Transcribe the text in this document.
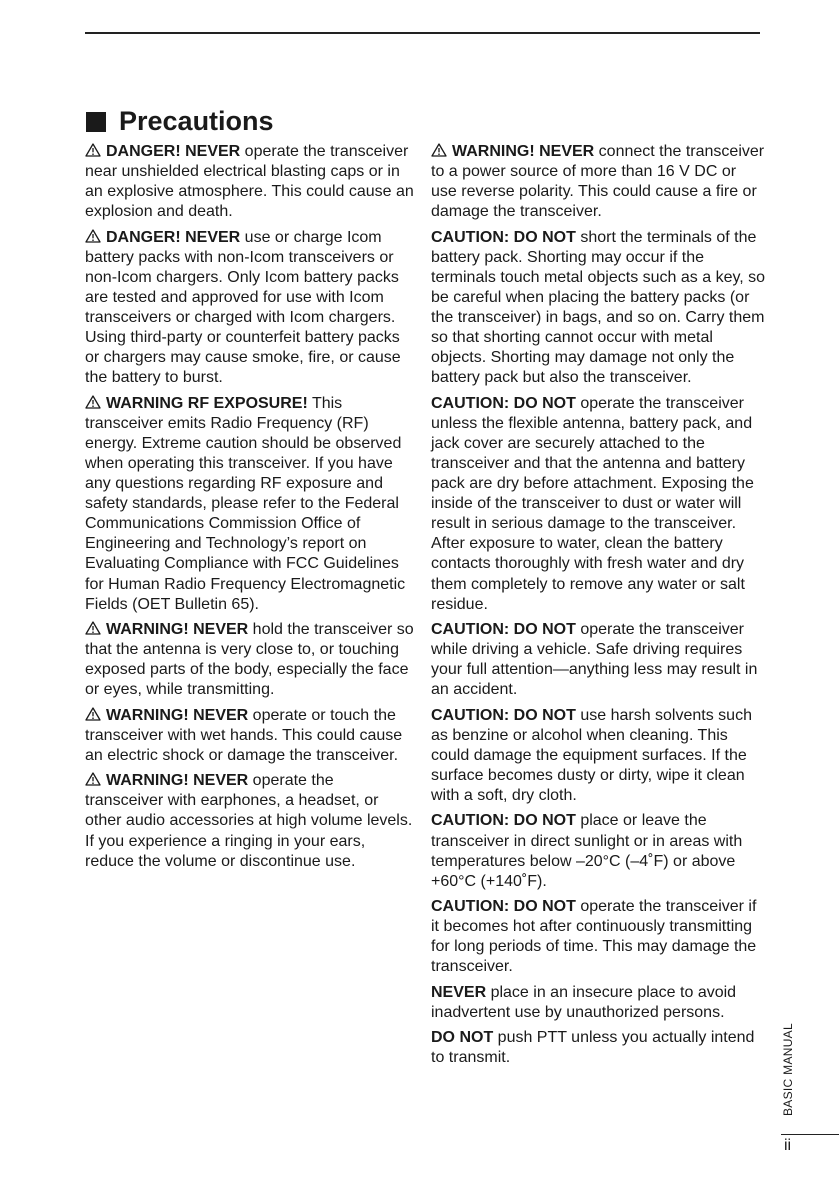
Precautions

DANGER! NEVER operate the transceiver near unshielded electrical blasting caps or in an explosive atmosphere. This could cause an explosion and death.

DANGER! NEVER use or charge Icom battery packs with non-Icom transceivers or non-Icom chargers. Only Icom battery packs are tested and approved for use with Icom transceivers or charged with Icom chargers. Using third-party or counterfeit battery packs or chargers may cause smoke, fire, or cause the battery to burst.

WARNING RF EXPOSURE! This transceiver emits Radio Frequency (RF) energy. Extreme caution should be observed when operating this transceiver. If you have any questions regarding RF exposure and safety standards, please refer to the Federal Communications Commission Office of Engineering and Technology’s report on Evaluating Compliance with FCC Guidelines for Human Radio Frequency Electromagnetic Fields (OET Bulletin 65).

WARNING! NEVER hold the transceiver so that the antenna is very close to, or touching exposed parts of the body, especially the face or eyes, while transmitting.

WARNING! NEVER operate or touch the transceiver with wet hands. This could cause an electric shock or damage the transceiver.

WARNING! NEVER operate the transceiver with earphones, a headset, or other audio accessories at high volume levels. If you experience a ringing in your ears, reduce the volume or discontinue use.

WARNING! NEVER connect the transceiver to a power source of more than 16 V DC or use reverse polarity. This could cause a fire or damage the transceiver.

CAUTION: DO NOT short the terminals of the battery pack. Shorting may occur if the terminals touch metal objects such as a key, so be careful when placing the battery packs (or the transceiver) in bags, and so on. Carry them so that shorting cannot occur with metal objects. Shorting may damage not only the battery pack but also the transceiver.

CAUTION: DO NOT operate the transceiver unless the flexible antenna, battery pack, and jack cover are securely attached to the transceiver and that the antenna and battery pack are dry before attachment. Exposing the inside of the transceiver to dust or water will result in serious damage to the transceiver. After exposure to water, clean the battery contacts thoroughly with fresh water and dry them completely to remove any water or salt residue.

CAUTION: DO NOT operate the transceiver while driving a vehicle. Safe driving requires your full attention—anything less may result in an accident.

CAUTION: DO NOT use harsh solvents such as benzine or alcohol when cleaning. This could damage the equipment surfaces. If the surface becomes dusty or dirty, wipe it clean with a soft, dry cloth.

CAUTION: DO NOT place or leave the transceiver in direct sunlight or in areas with temperatures below –20°C (–4˚F) or above +60°C (+140˚F).

CAUTION: DO NOT operate the transceiver if it becomes hot after continuously transmitting for long periods of time. This may damage the transceiver.

NEVER place in an insecure place to avoid inadvertent use by unauthorized persons.

DO NOT push PTT unless you actually intend to transmit.	BASIC MANUAL
ii
